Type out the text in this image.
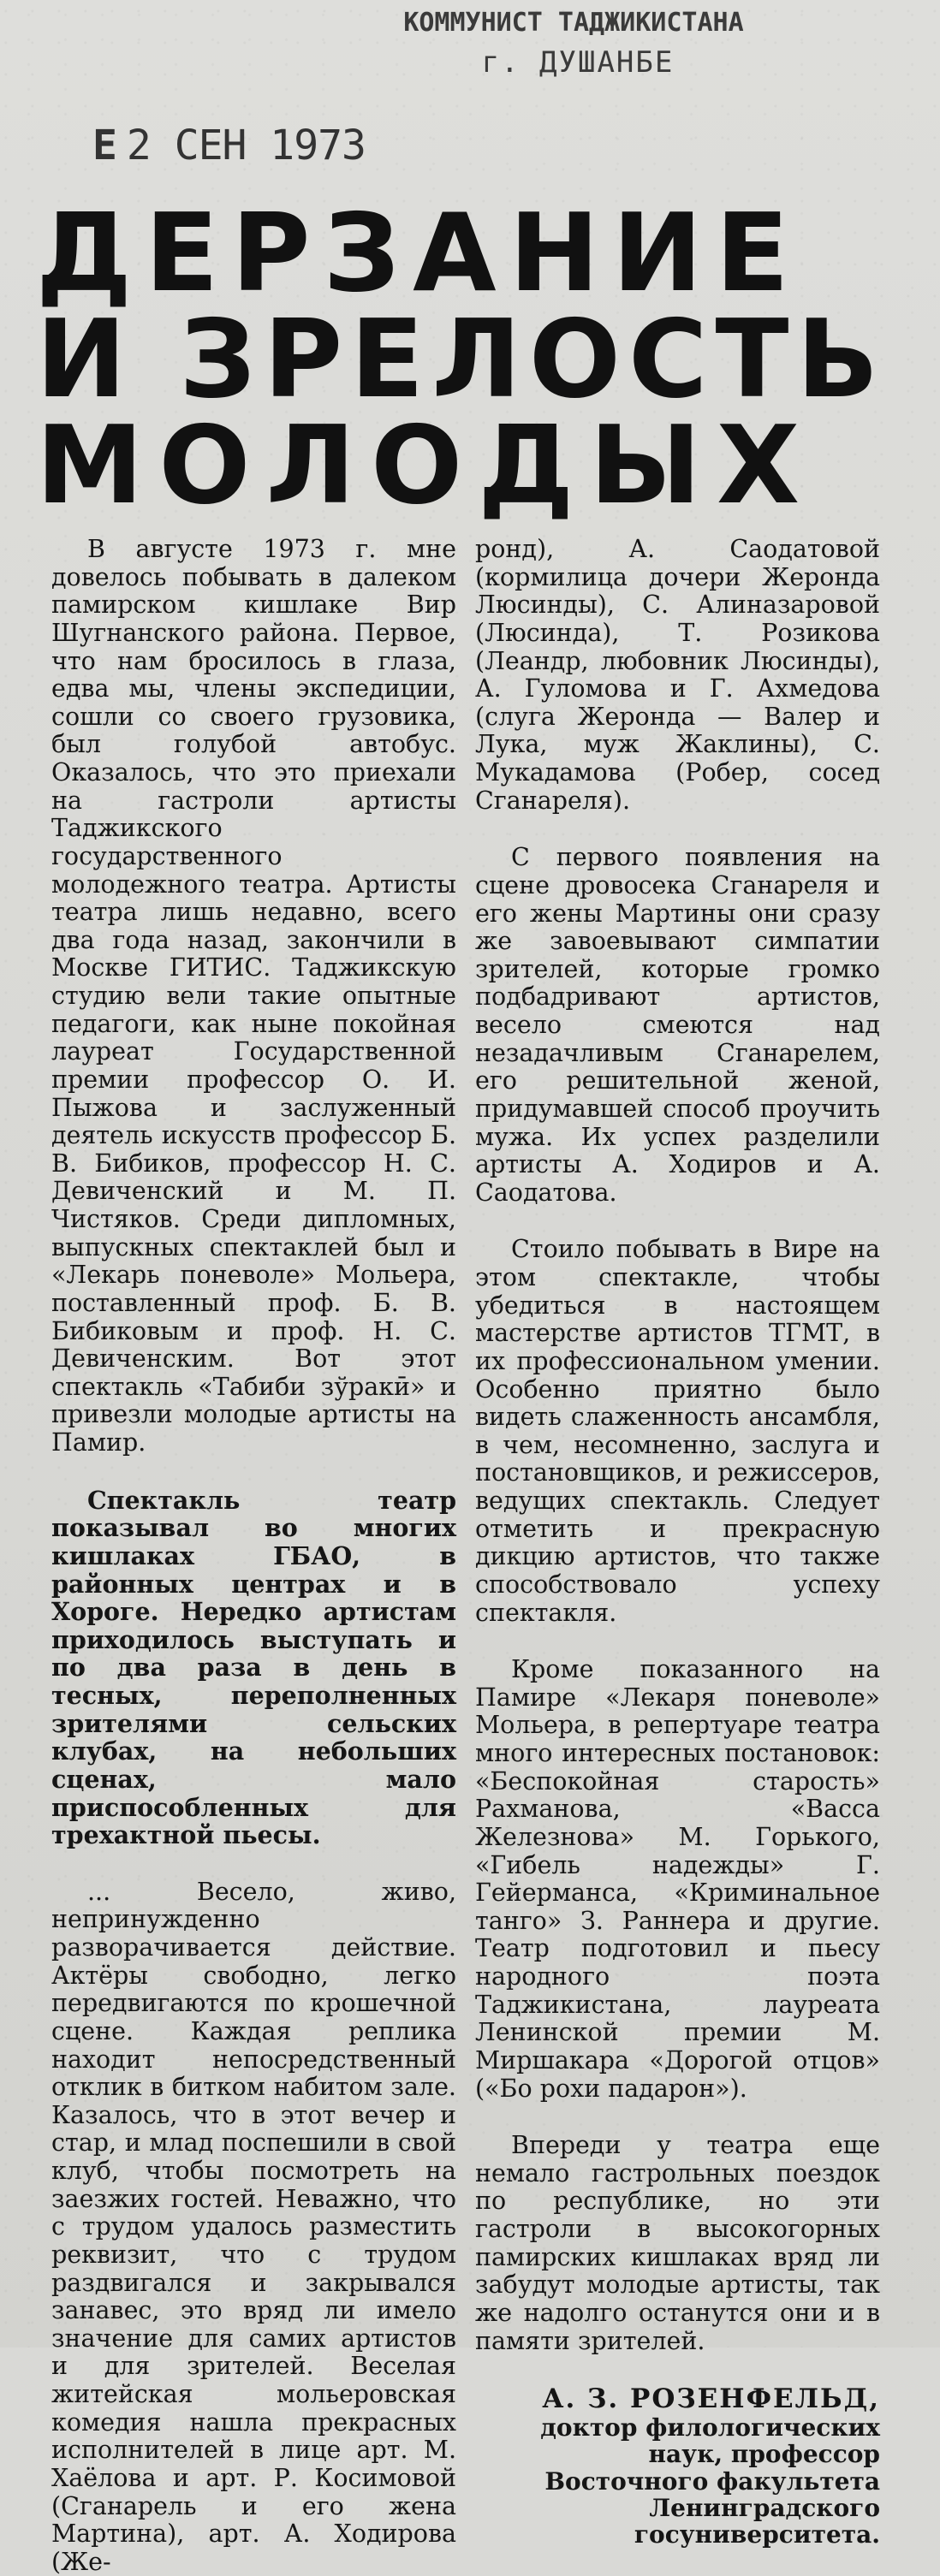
КОММУНИСТ ТАДЖИКИСТАНА
г. ДУШАНБЕ
Е 2 СЕН 1973
ДЕРЗАНИЕ
И ЗРЕЛОСТЬ
МОЛОДЫХ

В августе 1973 г. мне довелось побывать в далеком памирском кишлаке Вир Шугнанского района. Первое, что нам бросилось в глаза, едва мы, члены экспедиции, сошли со своего грузовика, был голубой автобус. Оказалось, что это приехали на гастроли артисты Таджикского государственного молодежного театра. Артисты театра лишь недавно, всего два года назад, закончили в Москве ГИТИС. Таджикскую студию вели такие опытные педагоги, как ныне покойная лауреат Государственной премии профессор О. И. Пыжова и заслуженный деятель искусств профессор Б. В. Бибиков, профессор Н. С. Девиченский и М. П. Чистяков. Среди дипломных, выпускных спектаклей был и «Лекарь поневоле» Мольера, поставленный проф. Б. В. Бибиковым и проф. Н. С. Девиченским. Вот этот спектакль «Табиби зўракӣ» и привезли молодые артисты на Памир.

Спектакль театр показывал во многих кишлаках ГБАО, в районных центрах и в Хороге. Нередко артистам приходилось выступать и по два раза в день в тесных, переполненных зрителями сельских клубах, на небольших сценах, мало приспособленных для трехактной пьесы.

... Весело, живо, непринужденно разворачивается действие. Актёры свободно, легко передвигаются по крошечной сцене. Каждая реплика находит непосредственный отклик в битком набитом зале. Казалось, что в этот вечер и стар, и млад поспешили в свой клуб, чтобы посмотреть на заезжих гостей. Неважно, что с трудом удалось разместить реквизит, что с трудом раздвигался и закрывался занавес, это вряд ли имело значение для самих артистов и для зрителей. Веселая житейская мольеровская комедия нашла прекрасных исполнителей в лице арт. М. Хаёлова и арт. Р. Косимовой (Сганарель и его жена Мартина), арт. А. Ходирова (Же-

ронд), А. Саодатовой (кормилица дочери Жеронда Люсинды), С. Алиназаровой (Люсинда), Т. Розикова (Леандр, любовник Люсинды), А. Гуломова и Г. Ахмедова (слуга Жеронда — Валер и Лука, муж Жаклины), С. Мукадамова (Робер, сосед Сганареля).

С первого появления на сцене дровосека Сганареля и его жены Мартины они сразу же завоевывают симпатии зрителей, которые громко подбадривают артистов, весело смеются над незадачливым Сганарелем, его решительной женой, придумавшей способ проучить мужа. Их успех разделили артисты А. Ходиров и А. Саодатова.

Стоило побывать в Вире на этом спектакле, чтобы убедиться в настоящем мастерстве артистов ТГМТ, в их профессиональном умении. Особенно приятно было видеть слаженность ансамбля, в чем, несомненно, заслуга и постановщиков, и режиссеров, ведущих спектакль. Следует отметить и прекрасную дикцию артистов, что также способствовало успеху спектакля.

Кроме показанного на Памире «Лекаря поневоле» Мольера, в репертуаре театра много интересных постановок: «Беспокойная старость» Рахманова, «Васса Железнова» М. Горького, «Гибель надежды» Г. Гейерманса, «Криминальное танго» З. Раннера и другие. Театр подготовил и пьесу народного поэта Таджикистана, лауреата Ленинской премии М. Миршакара «Дорогой отцов» («Бо рохи падарон»).

Впереди у театра еще немало гастрольных поездок по республике, но эти гастроли в высокогорных памирских кишлаках вряд ли забудут молодые артисты, так же надолго останутся они и в памяти зрителей.

А. З. РОЗЕНФЕЛЬД,
доктор филологических
наук, профессор
Восточного факультета
Ленинградского
госуниверситета.
